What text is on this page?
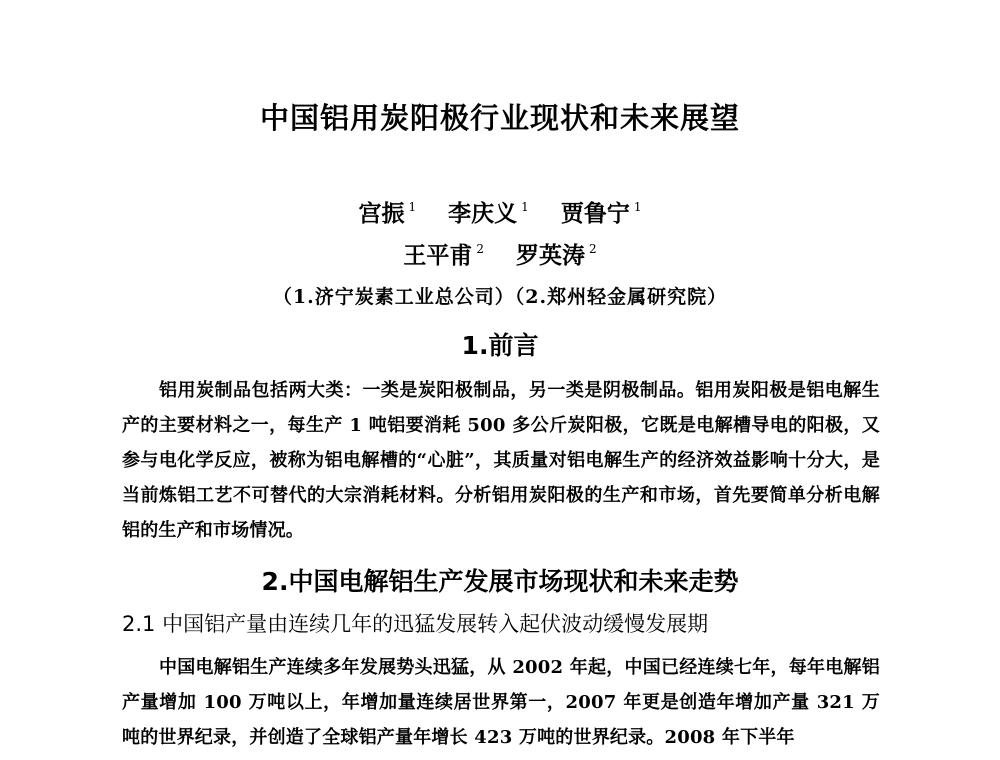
中国铝用炭阳极行业现状和未来展望
宫振 $^1$ 李庆义 $^1$ 贾鲁宁 $^1$
王平甫 $^2$ 罗英涛 $^2$
（1.济宁炭素工业总公司）（2.郑州轻金属研究院）
1.前言

铝用炭制品包括两大类：一类是炭阳极制品，另一类是阴极制品。铝用炭阳极是铝电解生产的主要材料之一，每生产 1 吨铝要消耗 500 多公斤炭阳极，它既是电解槽导电的阳极，又参与电化学反应，被称为铝电解槽的“心脏”，其质量对铝电解生产的经济效益影响十分大，是当前炼铝工艺不可替代的大宗消耗材料。分析铝用炭阳极的生产和市场，首先要简单分析电解铝的生产和市场情况。

2.中国电解铝生产发展市场现状和未来走势
2.1 中国铝产量由连续几年的迅猛发展转入起伏波动缓慢发展期

中国电解铝生产连续多年发展势头迅猛，从 2002 年起，中国已经连续七年，每年电解铝产量增加 100 万吨以上，年增加量连续居世界第一，2007 年更是创造年增加产量 321 万吨的世界纪录，并创造了全球铝产量年增长 423 万吨的世界纪录。2008 年下半年
